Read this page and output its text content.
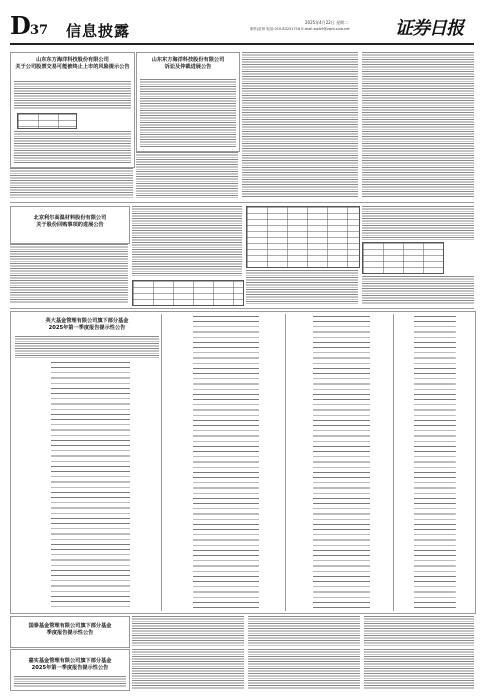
D 37 信息披露	2025年4月22日 星期二
制作|苗帅 电话:010-83251716 E-mail:zqrb9@zqrb.sina.net	证券日报
山东东方海洋科技股份有限公司
关于公司股票交易可能被终止上市的风险提示公告
山东东方海洋科技股份有限公司
诉讼及仲裁进展公告
北京利尔高温材料股份有限公司
关于股份回购事项的进展公告
英大基金管理有限公司旗下部分基金
2025年第一季度报告提示性公告
国泰基金管理有限公司旗下部分基金
季度报告提示性公告
嘉实基金管理有限公司旗下部分基金
2025年第一季度报告提示性公告
